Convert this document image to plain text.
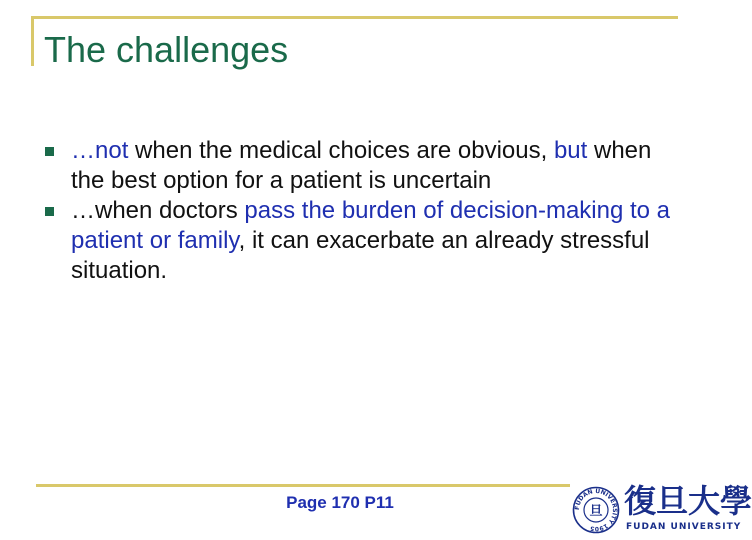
The challenges
…not when the medical choices are obvious, but when the best option for a patient is uncertain
…when doctors pass the burden of decision-making to a patient or family, it can exacerbate an already stressful situation.
Page 170 P11	FUDAN UNIVERSITY 1905
旦 復旦大學
FUDAN UNIVERSITY
